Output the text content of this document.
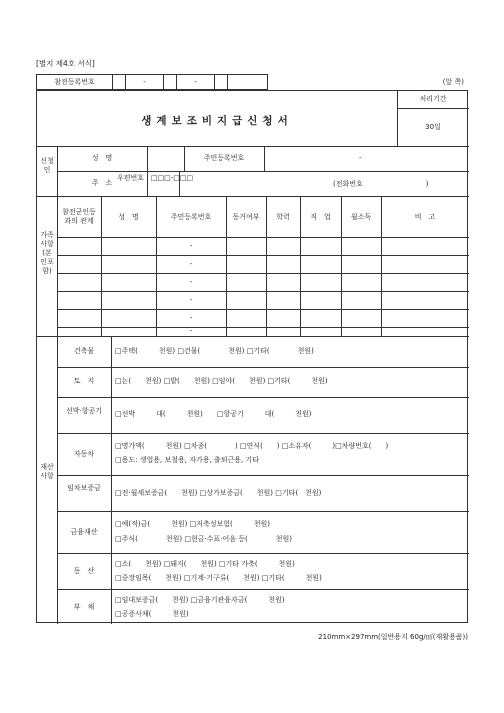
[별지 제4호 서식]
참전등록번호		-		-			(앞 쪽)
생계보조비지급신청서
처리기간
30일
신청인
성　명	주민등록번호	-
주　소
우편번호 : □□□-□□□
(전화번호　　　　　　　　　)
가족사항(본인포함)
참전군인등과의 관계	성　명	주민등록번호	동거여부	학력	직　업	월소득	비　고
-
-
-
-
-
-
재산사항
건축물	□주택(　　　천원) □건물(　　　　천원) □기타(　　　　천원)
토　지	□논(　　천원) □밭(　　천원) □임야(　　천원) □기타(　　　천원)
선박·항공기	□선박　　　대(　　　천원)　　□항공기　　　대(　　　천원)
자동차
□명가액(　　　천원) □차종(　　　　) □연식(　　) □소유자(　　　)□차량번호(　　)
□용도: 생업용, 보철용, 자가용, 출퇴근용, 기타
임차보증금
□전·월세보증금(　　천원) □상가보증금(　　천원) □기타(　천원)
금융재산
□예(적)금(　　　천원) □저축성보험(　　　천원)
□주식(　　　　천원) □현금·수표·어음 등(　　　　천원)
동　산
□소(　　천원) □돼지(　　천원) □기타 가축(　　　천원)
□중장임목(　　천원) □기계·기구류(　　천원) □기타(　　　천원)
부　채
□임대보증금(　　천원) □금융기관융자금(　　　천원)
□공증사채(　　　천원)
210mm×297mm(일반용지 60g/㎡(재활용품))
